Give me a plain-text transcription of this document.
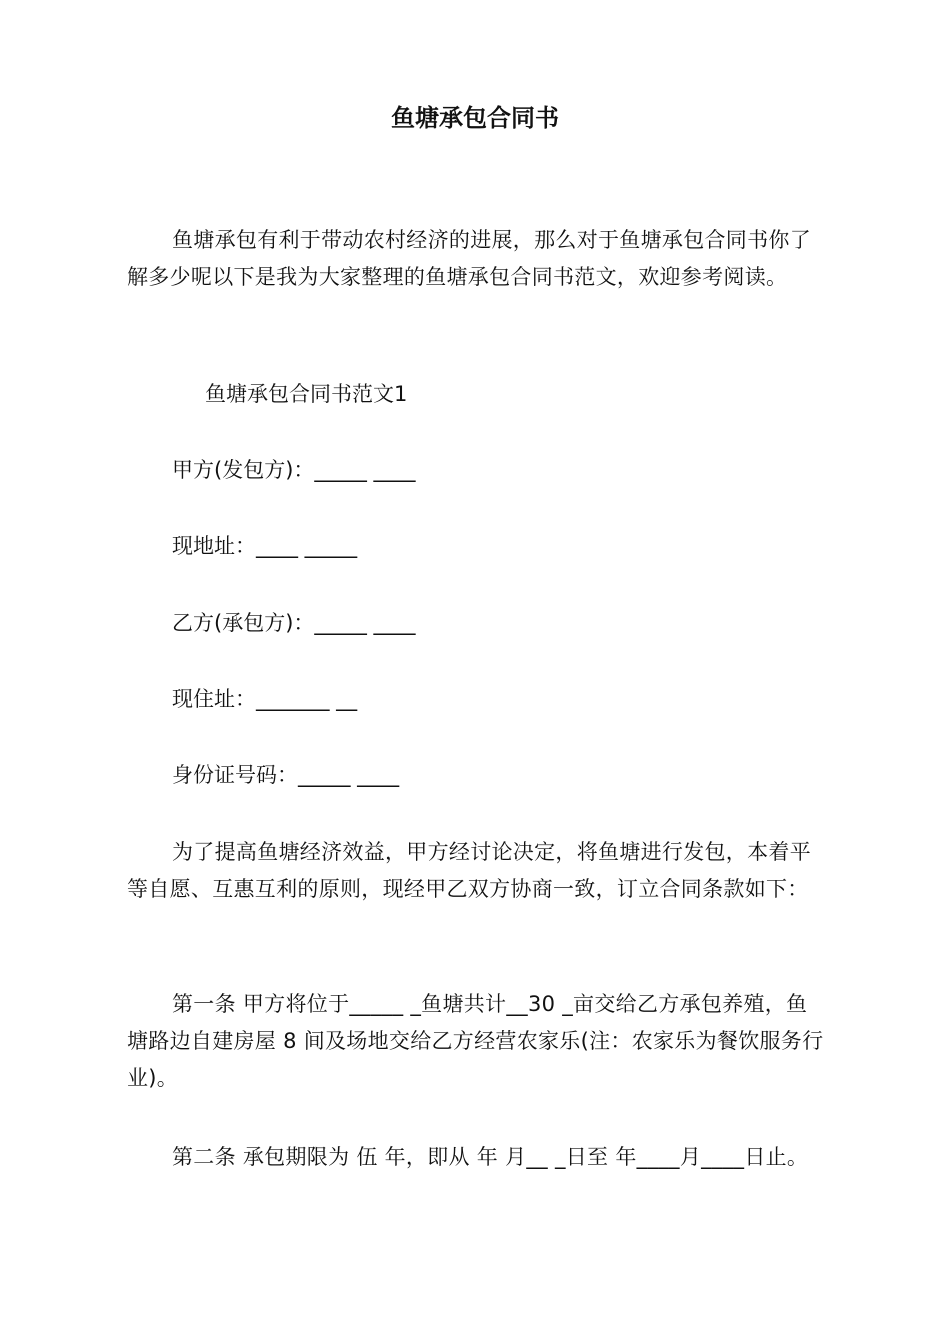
鱼塘承包合同书

鱼塘承包有利于带动农村经济的进展，那么对于鱼塘承包合同书你了解多少呢以下是我为大家整理的鱼塘承包合同书范文，欢迎参考阅读。

鱼塘承包合同书范文1
甲方(发包方)：_____ ____
现地址：____ _____
乙方(承包方)：_____ ____
现住址：_______ __
身份证号码：_____ ____

为了提高鱼塘经济效益，甲方经讨论决定，将鱼塘进行发包，本着平等自愿、互惠互利的原则，现经甲乙双方协商一致，订立合同条款如下：

第一条 甲方将位于_____ _鱼塘共计__30 _亩交给乙方承包养殖，鱼塘路边自建房屋 8 间及场地交给乙方经营农家乐(注：农家乐为餐饮服务行业)。

第二条 承包期限为 伍 年，即从 年 月__ _日至 年____月____日止。
